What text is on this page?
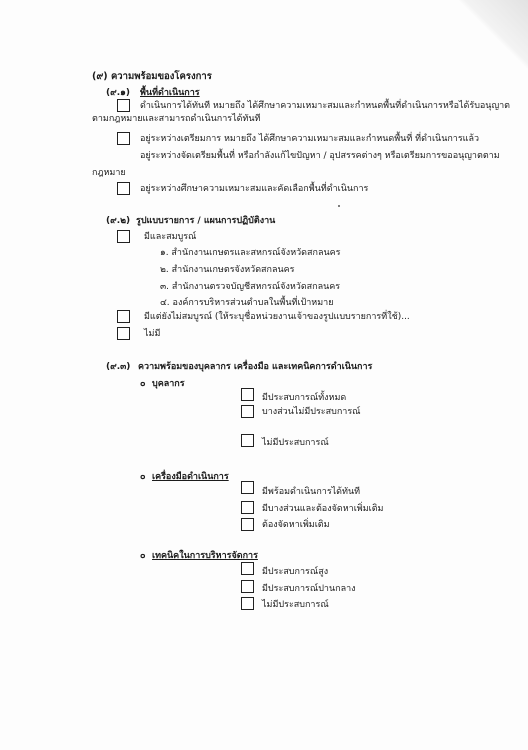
(๙) ความพร้อมของโครงการ
(๙.๑) พื้นที่ดำเนินการ
ดำเนินการได้ทันที หมายถึง ได้ศึกษาความเหมาะสมและกำหนดพื้นที่ดำเนินการหรือได้รับอนุญาต
ตามกฎหมายและสามารถดำเนินการได้ทันที
อยู่ระหว่างเตรียมการ หมายถึง ได้ศึกษาความเหมาะสมและกำหนดพื้นที่ ที่ดำเนินการแล้ว
อยู่ระหว่างจัดเตรียมพื้นที่ หรือกำลังแก้ไขปัญหา / อุปสรรคต่างๆ หรือเตรียมการขออนุญาตตาม
กฎหมาย
อยู่ระหว่างศึกษาความเหมาะสมและคัดเลือกพื้นที่ดำเนินการ
(๙.๒) รูปแบบรายการ / แผนการปฏิบัติงาน
มีและสมบูรณ์
๑. สำนักงานเกษตรและสหกรณ์จังหวัดสกลนคร
๒. สำนักงานเกษตรจังหวัดสกลนคร
๓. สำนักงานตรวจบัญชีสหกรณ์จังหวัดสกลนคร
๔. องค์การบริหารส่วนตำบลในพื้นที่เป้าหมาย
มีแต่ยังไม่สมบูรณ์ (ให้ระบุชื่อหน่วยงานเจ้าของรูปแบบรายการที่ใช้)...
ไม่มี
(๙.๓) ความพร้อมของบุคลากร เครื่องมือ และเทคนิคการดำเนินการ
๐ บุคลากร
มีประสบการณ์ทั้งหมด
บางส่วนไม่มีประสบการณ์
ไม่มีประสบการณ์
๐ เครื่องมือดำเนินการ
มีพร้อมดำเนินการได้ทันที
มีบางส่วนและต้องจัดหาเพิ่มเติม
ต้องจัดหาเพิ่มเติม
๐ เทคนิคในการบริหารจัดการ
มีประสบการณ์สูง
มีประสบการณ์ปานกลาง
ไม่มีประสบการณ์
